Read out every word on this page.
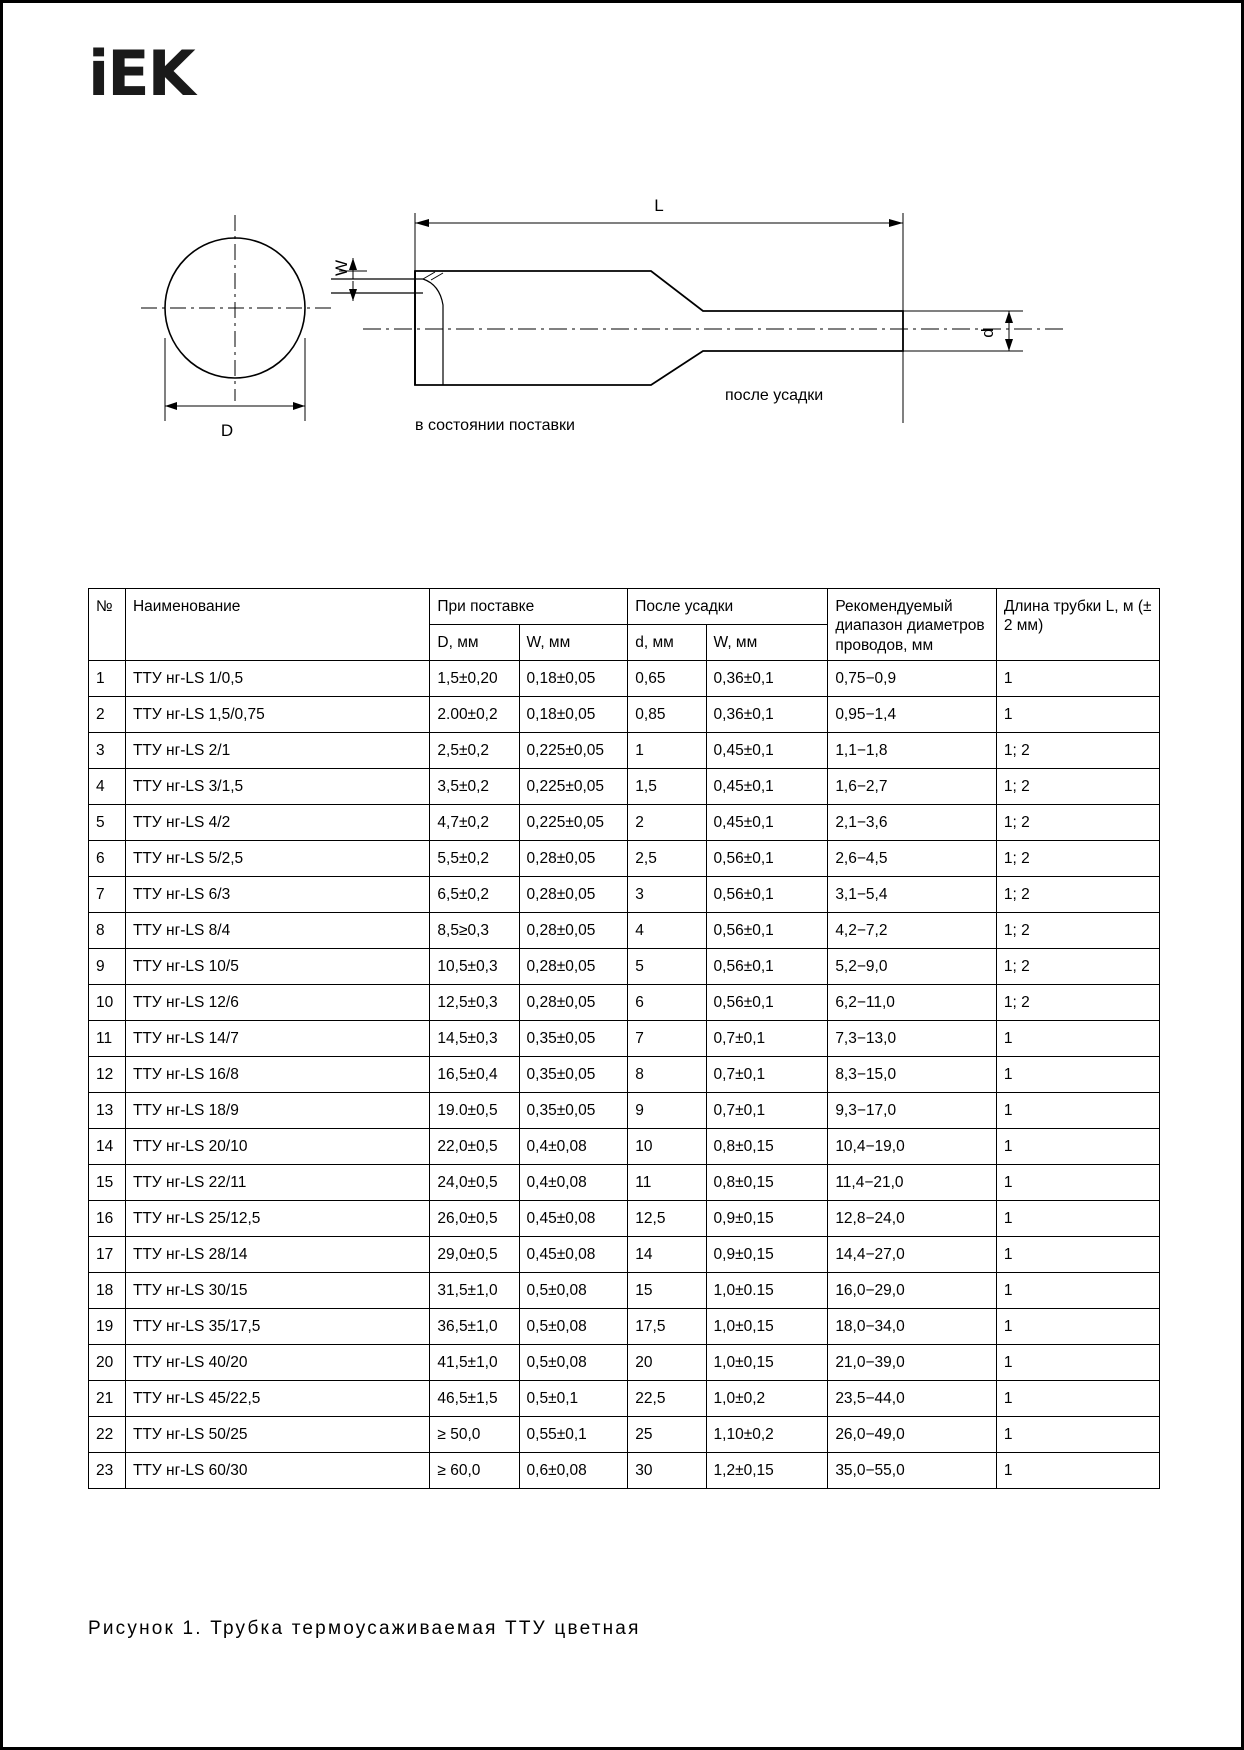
iEK
D
W
L
d
после усадки
в состоянии поставки
№	Наименование	При поставке		После усадки		Рекомендуемый диапазон диаметров проводов, мм	Длина трубки L, м (± 2 мм)
		D, мм	W, мм	d, мм	W, мм		
1	ТТУ нг-LS 1/0,5	1,5±0,20	0,18±0,05	0,65	0,36±0,1	0,75−0,9	1
2	ТТУ нг-LS 1,5/0,75	2.00±0,2	0,18±0,05	0,85	0,36±0,1	0,95−1,4	1
3	ТТУ нг-LS 2/1	2,5±0,2	0,225±0,05	1	0,45±0,1	1,1−1,8	1; 2
4	ТТУ нг-LS 3/1,5	3,5±0,2	0,225±0,05	1,5	0,45±0,1	1,6−2,7	1; 2
5	ТТУ нг-LS 4/2	4,7±0,2	0,225±0,05	2	0,45±0,1	2,1−3,6	1; 2
6	ТТУ нг-LS 5/2,5	5,5±0,2	0,28±0,05	2,5	0,56±0,1	2,6−4,5	1; 2
7	ТТУ нг-LS 6/3	6,5±0,2	0,28±0,05	3	0,56±0,1	3,1−5,4	1; 2
8	ТТУ нг-LS 8/4	8,5≥0,3	0,28±0,05	4	0,56±0,1	4,2−7,2	1; 2
9	ТТУ нг-LS 10/5	10,5±0,3	0,28±0,05	5	0,56±0,1	5,2−9,0	1; 2
10	ТТУ нг-LS 12/6	12,5±0,3	0,28±0,05	6	0,56±0,1	6,2−11,0	1; 2
11	ТТУ нг-LS 14/7	14,5±0,3	0,35±0,05	7	0,7±0,1	7,3−13,0	1
12	ТТУ нг-LS 16/8	16,5±0,4	0,35±0,05	8	0,7±0,1	8,3−15,0	1
13	ТТУ нг-LS 18/9	19.0±0,5	0,35±0,05	9	0,7±0,1	9,3−17,0	1
14	ТТУ нг-LS 20/10	22,0±0,5	0,4±0,08	10	0,8±0,15	10,4−19,0	1
15	ТТУ нг-LS 22/11	24,0±0,5	0,4±0,08	11	0,8±0,15	11,4−21,0	1
16	ТТУ нг-LS 25/12,5	26,0±0,5	0,45±0,08	12,5	0,9±0,15	12,8−24,0	1
17	ТТУ нг-LS 28/14	29,0±0,5	0,45±0,08	14	0,9±0,15	14,4−27,0	1
18	ТТУ нг-LS 30/15	31,5±1,0	0,5±0,08	15	1,0±0.15	16,0−29,0	1
19	ТТУ нг-LS 35/17,5	36,5±1,0	0,5±0,08	17,5	1,0±0,15	18,0−34,0	1
20	ТТУ нг-LS 40/20	41,5±1,0	0,5±0,08	20	1,0±0,15	21,0−39,0	1
21	ТТУ нг-LS 45/22,5	46,5±1,5	0,5±0,1	22,5	1,0±0,2	23,5−44,0	1
22	ТТУ нг-LS 50/25	≥ 50,0	0,55±0,1	25	1,10±0,2	26,0−49,0	1
23	ТТУ нг-LS 60/30	≥ 60,0	0,6±0,08	30	1,2±0,15	35,0−55,0	1
Рисунок 1. Трубка термоусаживаемая ТТУ цветная
